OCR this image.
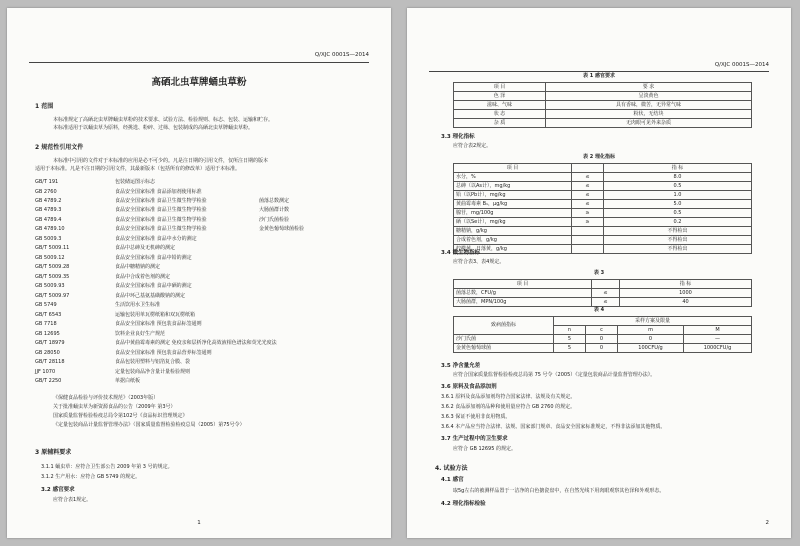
Q/XJC 0001S—2014
高硒北虫草牌蛹虫草粉
1 范围
本标准规定了高硒北虫草牌蛹虫草粉的技术要求、试验方法、检验规则、标志、包装、运输和贮存。
本标准适用于以蛹虫草为原料，经挑选、粉碎、过筛、包装制成的高硒北虫草牌蛹虫草粉。
2 规范性引用文件
本标准中引用的文件对于本标准的应用是必不可少的。凡是注日期的引用文件，仅所注日期的版本
适用于本标准。凡是不注日期的引用文件，其最新版本（包括所有的修改单）适用于本标准。
GB/T 191	包装储运图示标志
GB 2760	食品安全国家标准 食品添加剂使用标准
GB 4789.2	食品安全国家标准 食品卫生微生物学检验	菌落总数测定
GB 4789.3	食品安全国家标准 食品卫生微生物学检验	大肠菌群计数
GB 4789.4	食品安全国家标准 食品卫生微生物学检验	沙门氏菌检验
GB 4789.10	食品安全国家标准 食品卫生微生物学检验	金黄色葡萄球菌检验
GB 5009.3	食品安全国家标准 食品中水分的测定
GB/T 5009.11	食品中总砷及无机砷的测定
GB 5009.12	食品安全国家标准 食品中铅的测定
GB/T 5009.28	食品中糖精钠的测定
GB/T 5009.35	食品中合成着色剂的测定
GB 5009.93	食品安全国家标准 食品中硒的测定
GB/T 5009.97	食品中环己基氨基磺酸钠的测定
GB 5749	生活饮用水卫生标准
GB/T 6543	运输包装用单瓦楞纸箱和双瓦楞纸箱
GB 7718	食品安全国家标准 预包装食品标签通则
GB 12695	饮料企业良好生产规范
GB/T 18979	食品中黄曲霉毒素的测定 免疫亲和层析净化高效液相色谱法和荧光光度法
GB 28050	食品安全国家标准 预包装食品营养标签通则
GB/T 28118	食品包装用塑料与铝箔复合膜、袋
JJF 1070	定量包装商品净含量计量检验规则
GB/T 2250	单据白纸板
《保健食品检验与评价技术规范》（2003年版）
关于批准蛹虫草为新资源食品的公告（2009年 第3号）
国家质量监督检验检疫总局令第102号《食品标识管理规定》
《定量包装商品计量监督管理办法》（国家质量监督检验检疫总局（2005）第75号令）
3 原辅料要求
3.1.1 蛹虫草：应符合卫生部公告 2009 年第 3 号的规定。
3.1.2 生产用水：应符合 GB 5749 的规定。
3.2 感官要求
应符合表1规定。
1
Q/XJC 0001S—2014
表 1 感官要求
项 目	要 求
色 泽	呈淡黄色
滋味、气味	具有香味，微苦，无异常气味
状 态	粉状，无结块
杂 质	无肉眼可见外来杂质
3.3 理化指标
应符合表2规定。
表 2 理化指标
项 目		指 标
水分，%	≤	8.0
总砷（以As计），mg/kg	≤	0.5
铅（以Pb计），mg/kg	≤	1.0
黄曲霉毒素 B₁，μg/kg	≤	5.0
腺苷，mg/100g	≥	0.5
硒（以Se计），mg/kg	≥	0.2
糖精钠，g/kg		不得检出
合成着色剂，g/kg		不得检出
柠檬黄、日落黄，g/kg		不得检出
3.4 微生物指标
应符合表3、表4规定。
表 3
项 目		指 标
菌落总数，CFU/g	≤	1000
大肠菌群，MPN/100g	≤	40
表 4
致病菌指标	采样方案及限量			
	n	c	m	M
沙门氏菌	5	0	0	—
金黄色葡萄球菌	5	0	100CFU/g	1000CFU/g
3.5 净含量允差
应符合国家质量监督检验检疫总局第 75 号令（2005）《定量包装商品计量监督管理办法》。
3.6 原料及食品添加剂
3.6.1 原料及食品添加剂均符合国家法律、法规及有关规定。
3.6.2 食品添加剂的品种和使用量应符合 GB 2760 的规定。
3.6.3 保证不使用非食用物质。
3.6.4 本产品应当符合法律、法规、国家部门规章、食品安全国家标准规定，不得非法添加其他物质。
3.7 生产过程中的卫生要求
应符合 GB 12695 的规定。
4. 试验方法
4.1 感官
取5g左右的被测样品置于一洁净的白色搪瓷盘中，在自然光线下用肉眼观察其色泽和外观形态。
4.2 理化指标检验
2
